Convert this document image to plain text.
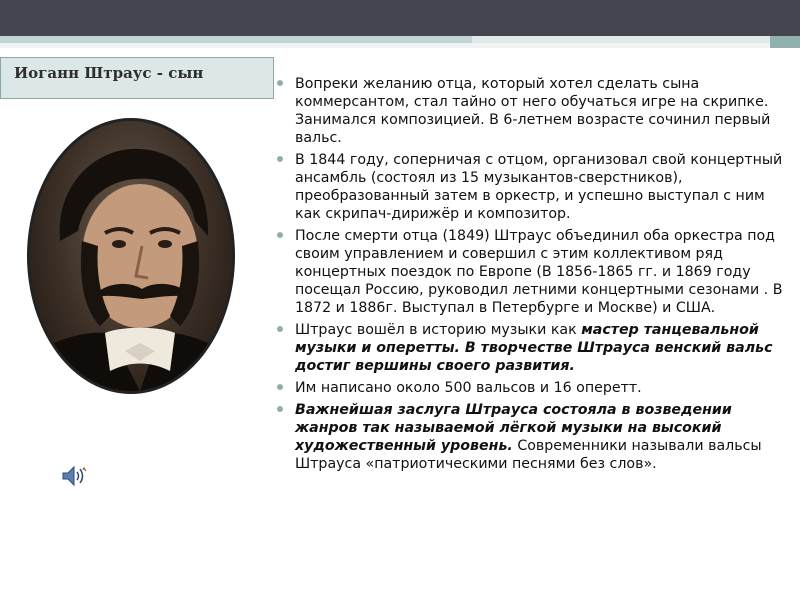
Иоганн Штраус - сын
Вопреки желанию отца, который хотел сделать сына коммерсантом, стал тайно от него обучаться игре на скрипке. Занимался композицией. В 6-летнем возрасте сочинил первый вальс.
В 1844 году, соперничая с отцом, организовал свой концертный ансамбль (состоял из 15 музыкантов-сверстников), преобразованный затем в оркестр, и успешно выступал с ним как скрипач-дирижёр и композитор.
После смерти отца (1849) Штраус объединил оба оркестра под своим управлением и совершил с этим коллективом ряд концертных поездок по Европе (В 1856-1865 гг. и 1869 году посещал Россию, руководил летними концертными сезонами . В 1872 и 1886г. Выступал в Петербурге и Москве) и США.
Штраус вошёл в историю музыки как мастер танцевальной музыки и оперетты. В творчестве Штрауса венский вальс достиг вершины своего развития.
Им написано около 500 вальсов и 16 оперетт.
Важнейшая заслуга Штрауса состояла в возведении жанров так называемой лёгкой музыки на высокий художественный уровень. Современники называли вальсы Штрауса «патриотическими песнями без слов».
